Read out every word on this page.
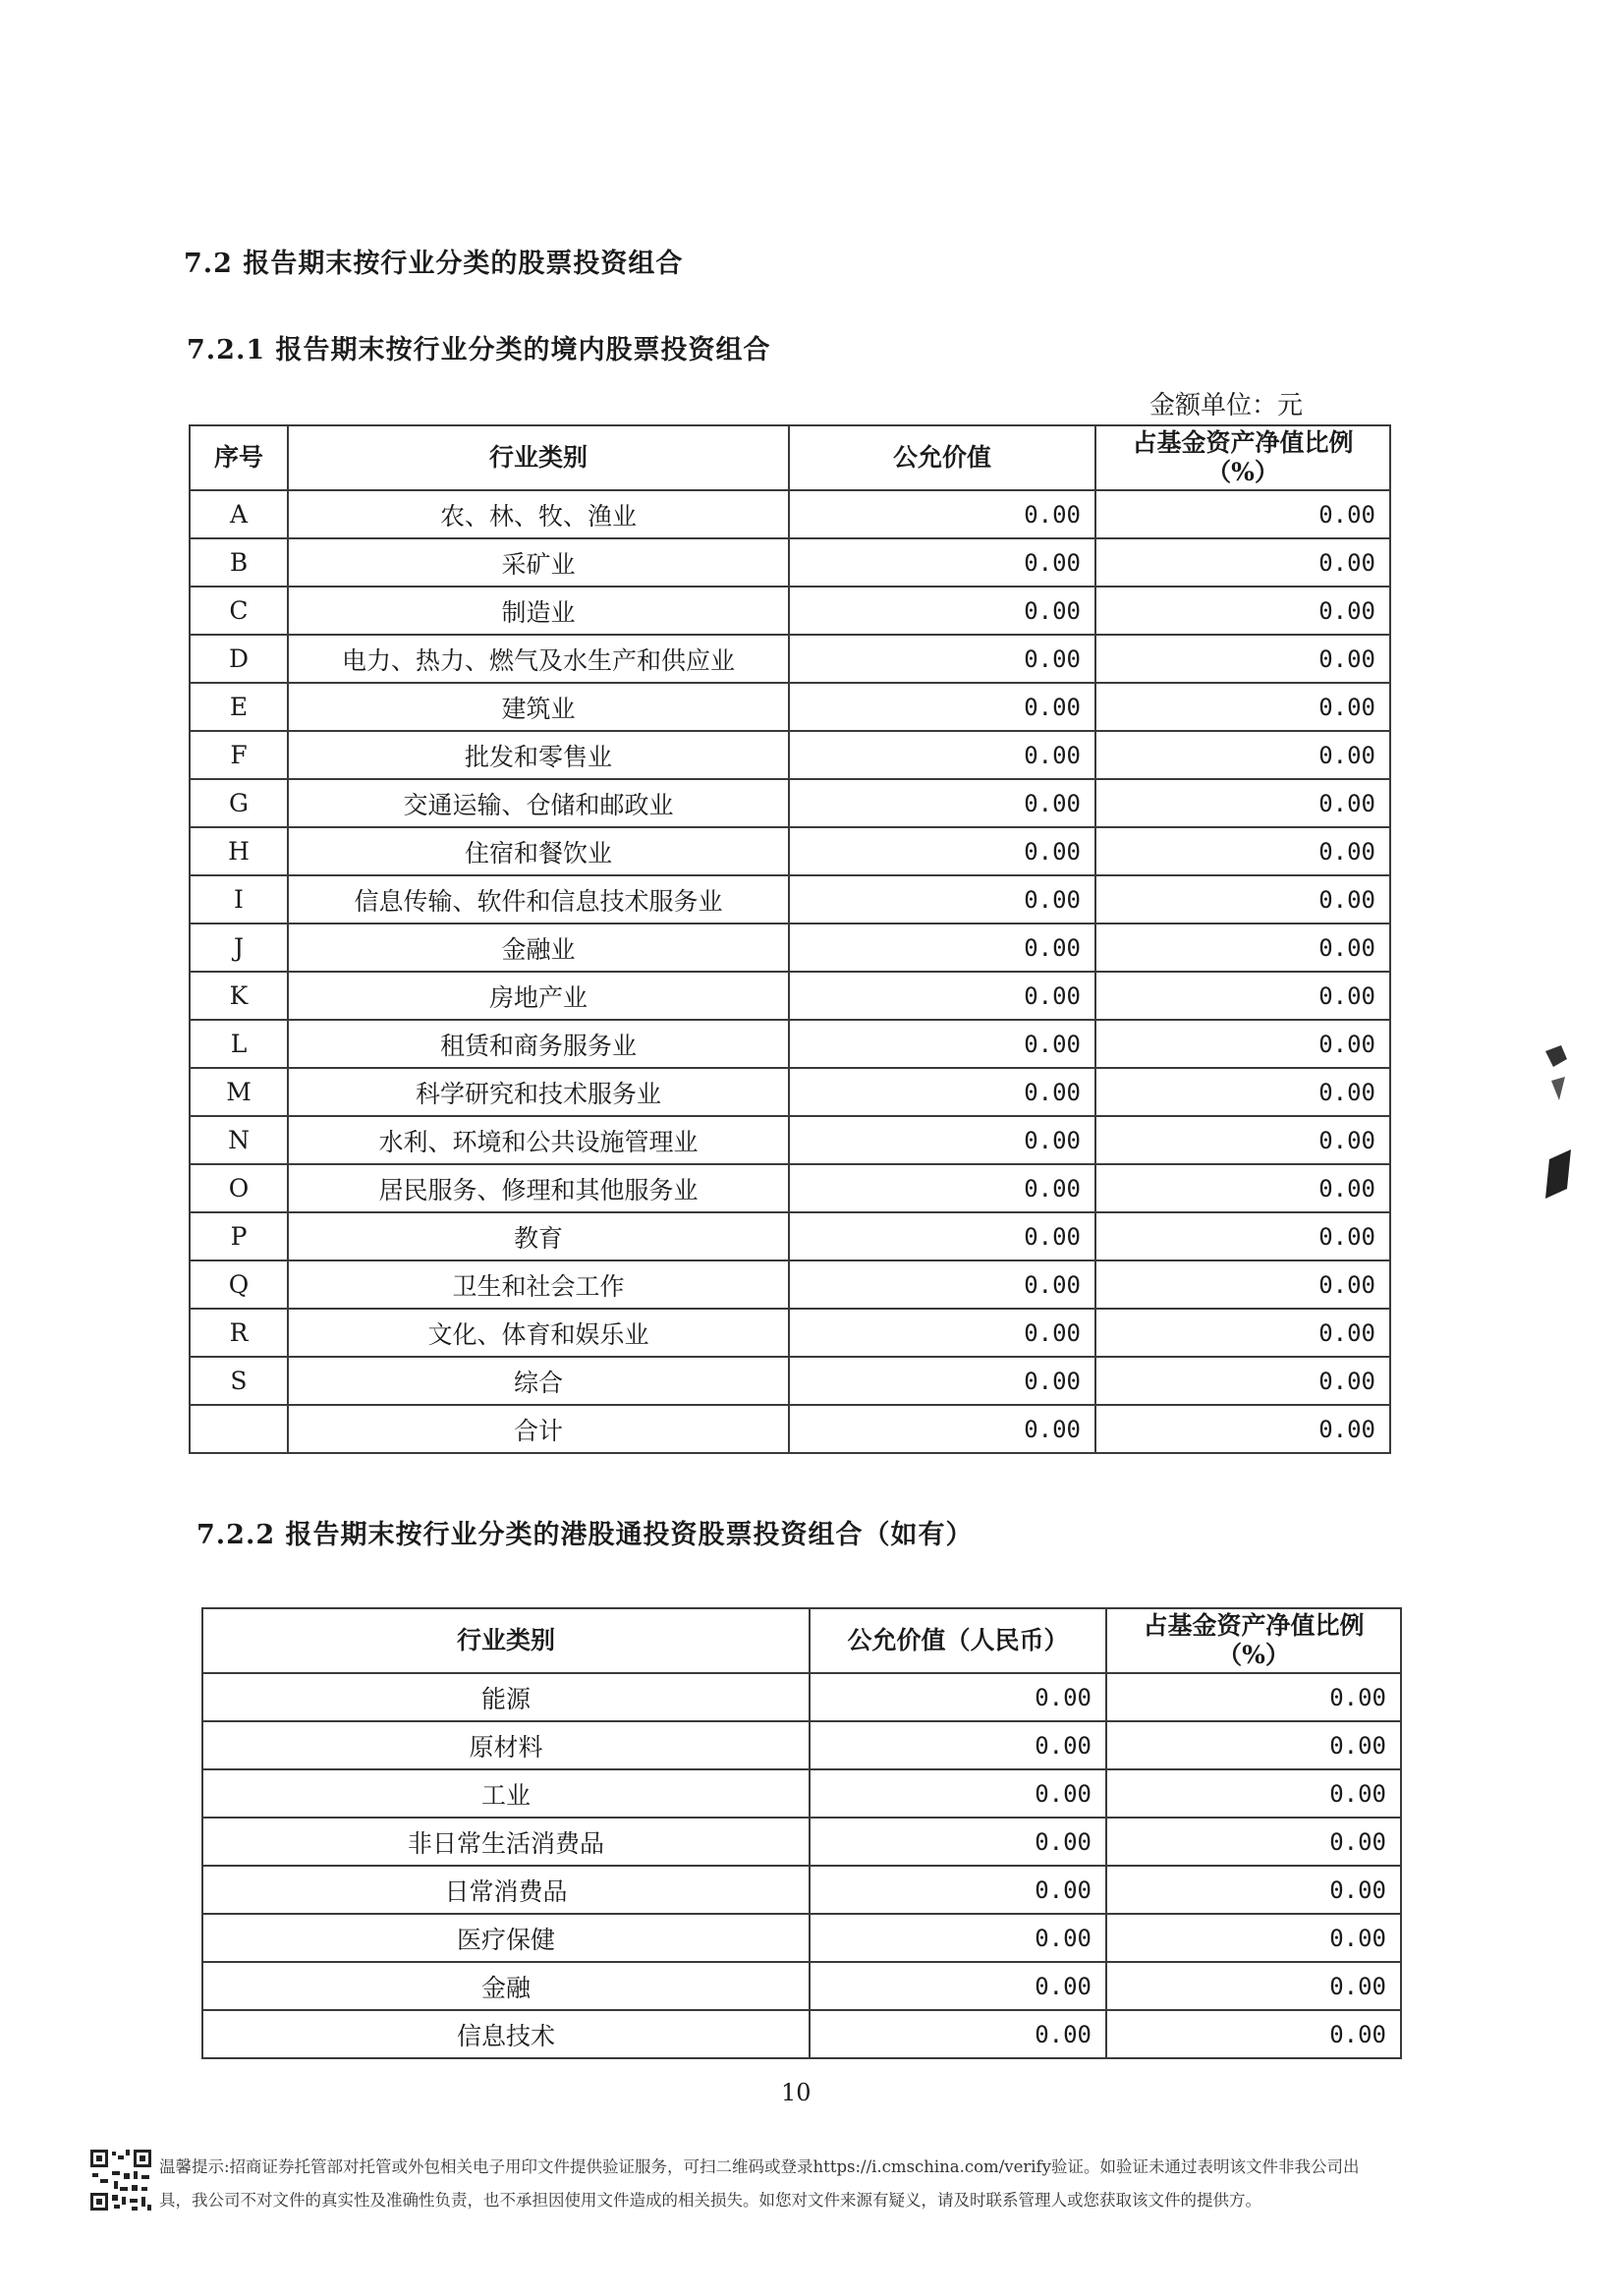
7.2 报告期末按行业分类的股票投资组合
7.2.1 报告期末按行业分类的境内股票投资组合
金额单位：元
序号	行业类别	公允价值	占基金资产净值比例（%）
A	农、林、牧、渔业	0.00	0.00
B	采矿业	0.00	0.00
C	制造业	0.00	0.00
D	电力、热力、燃气及水生产和供应业	0.00	0.00
E	建筑业	0.00	0.00
F	批发和零售业	0.00	0.00
G	交通运输、仓储和邮政业	0.00	0.00
H	住宿和餐饮业	0.00	0.00
I	信息传输、软件和信息技术服务业	0.00	0.00
J	金融业	0.00	0.00
K	房地产业	0.00	0.00
L	租赁和商务服务业	0.00	0.00
M	科学研究和技术服务业	0.00	0.00
N	水利、环境和公共设施管理业	0.00	0.00
O	居民服务、修理和其他服务业	0.00	0.00
P	教育	0.00	0.00
Q	卫生和社会工作	0.00	0.00
R	文化、体育和娱乐业	0.00	0.00
S	综合	0.00	0.00
	合计	0.00	0.00
7.2.2 报告期末按行业分类的港股通投资股票投资组合（如有）
行业类别	公允价值（人民币）	占基金资产净值比例（%）
能源	0.00	0.00
原材料	0.00	0.00
工业	0.00	0.00
非日常生活消费品	0.00	0.00
日常消费品	0.00	0.00
医疗保健	0.00	0.00
金融	0.00	0.00
信息技术	0.00	0.00
10
温馨提示:招商证券托管部对托管或外包相关电子用印文件提供验证服务，可扫二维码或登录https://i.cmschina.com/verify验证。如验证未通过表明该文件非我公司出
具，我公司不对文件的真实性及准确性负责，也不承担因使用文件造成的相关损失。如您对文件来源有疑义，请及时联系管理人或您获取该文件的提供方。
